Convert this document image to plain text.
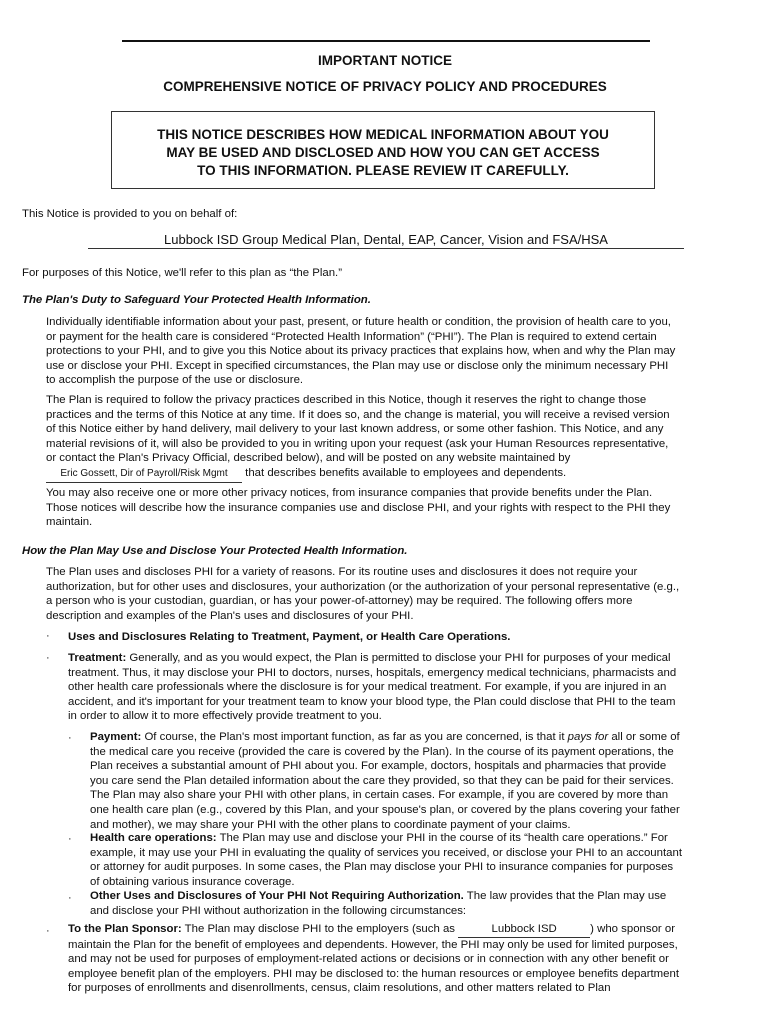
IMPORTANT NOTICE
COMPREHENSIVE NOTICE OF PRIVACY POLICY AND PROCEDURES
THIS NOTICE DESCRIBES HOW MEDICAL INFORMATION ABOUT YOU
MAY BE USED AND DISCLOSED AND HOW YOU CAN GET ACCESS
TO THIS INFORMATION. PLEASE REVIEW IT CAREFULLY.
This Notice is provided to you on behalf of:
Lubbock ISD Group Medical Plan, Dental, EAP, Cancer, Vision and FSA/HSA
For purposes of this Notice, we'll refer to this plan as “the Plan.”
The Plan's Duty to Safeguard Your Protected Health Information.
Individually identifiable information about your past, present, or future health or condition, the provision of health care to you,
or payment for the health care is considered “Protected Health Information” (“PHI”). The Plan is required to extend certain
protections to your PHI, and to give you this Notice about its privacy practices that explains how, when and why the Plan may
use or disclose your PHI. Except in specified circumstances, the Plan may use or disclose only the minimum necessary PHI
to accomplish the purpose of the use or disclosure.
The Plan is required to follow the privacy practices described in this Notice, though it reserves the right to change those
practices and the terms of this Notice at any time. If it does so, and the change is material, you will receive a revised version
of this Notice either by hand delivery, mail delivery to your last known address, or some other fashion. This Notice, and any
material revisions of it, will also be provided to you in writing upon your request (ask your Human Resources representative,
or contact the Plan's Privacy Official, described below), and will be posted on any website maintained by
Eric Gossett, Dir of Payroll/Risk Mgmt that describes benefits available to employees and dependents.
You may also receive one or more other privacy notices, from insurance companies that provide benefits under the Plan.
Those notices will describe how the insurance companies use and disclose PHI, and your rights with respect to the PHI they
maintain.
How the Plan May Use and Disclose Your Protected Health Information.
The Plan uses and discloses PHI for a variety of reasons. For its routine uses and disclosures it does not require your
authorization, but for other uses and disclosures, your authorization (or the authorization of your personal representative (e.g.,
a person who is your custodian, guardian, or has your power-of-attorney) may be required. The following offers more
description and examples of the Plan's uses and disclosures of your PHI.
· Uses and Disclosures Relating to Treatment, Payment, or Health Care Operations.
· Treatment: Generally, and as you would expect, the Plan is permitted to disclose your PHI for purposes of your medical
treatment. Thus, it may disclose your PHI to doctors, nurses, hospitals, emergency medical technicians, pharmacists and
other health care professionals where the disclosure is for your medical treatment. For example, if you are injured in an
accident, and it's important for your treatment team to know your blood type, the Plan could disclose that PHI to the team
in order to allow it to more effectively provide treatment to you.
· Payment: Of course, the Plan's most important function, as far as you are concerned, is that it pays for all or some of
the medical care you receive (provided the care is covered by the Plan). In the course of its payment operations, the
Plan receives a substantial amount of PHI about you. For example, doctors, hospitals and pharmacies that provide
you care send the Plan detailed information about the care they provided, so that they can be paid for their services.
The Plan may also share your PHI with other plans, in certain cases. For example, if you are covered by more than
one health care plan (e.g., covered by this Plan, and your spouse's plan, or covered by the plans covering your father
and mother), we may share your PHI with the other plans to coordinate payment of your claims.
· Health care operations: The Plan may use and disclose your PHI in the course of its “health care operations.” For
example, it may use your PHI in evaluating the quality of services you received, or disclose your PHI to an accountant
or attorney for audit purposes. In some cases, the Plan may disclose your PHI to insurance companies for purposes
of obtaining various insurance coverage.
· Other Uses and Disclosures of Your PHI Not Requiring Authorization. The law provides that the Plan may use
and disclose your PHI without authorization in the following circumstances:
· To the Plan Sponsor: The Plan may disclose PHI to the employers (such as	Lubbock ISD	) who sponsor or
maintain the Plan for the benefit of employees and dependents. However, the PHI may only be used for limited purposes,
and may not be used for purposes of employment-related actions or decisions or in connection with any other benefit or
employee benefit plan of the employers. PHI may be disclosed to: the human resources or employee benefits department
for purposes of enrollments and disenrollments, census, claim resolutions, and other matters related to Plan
